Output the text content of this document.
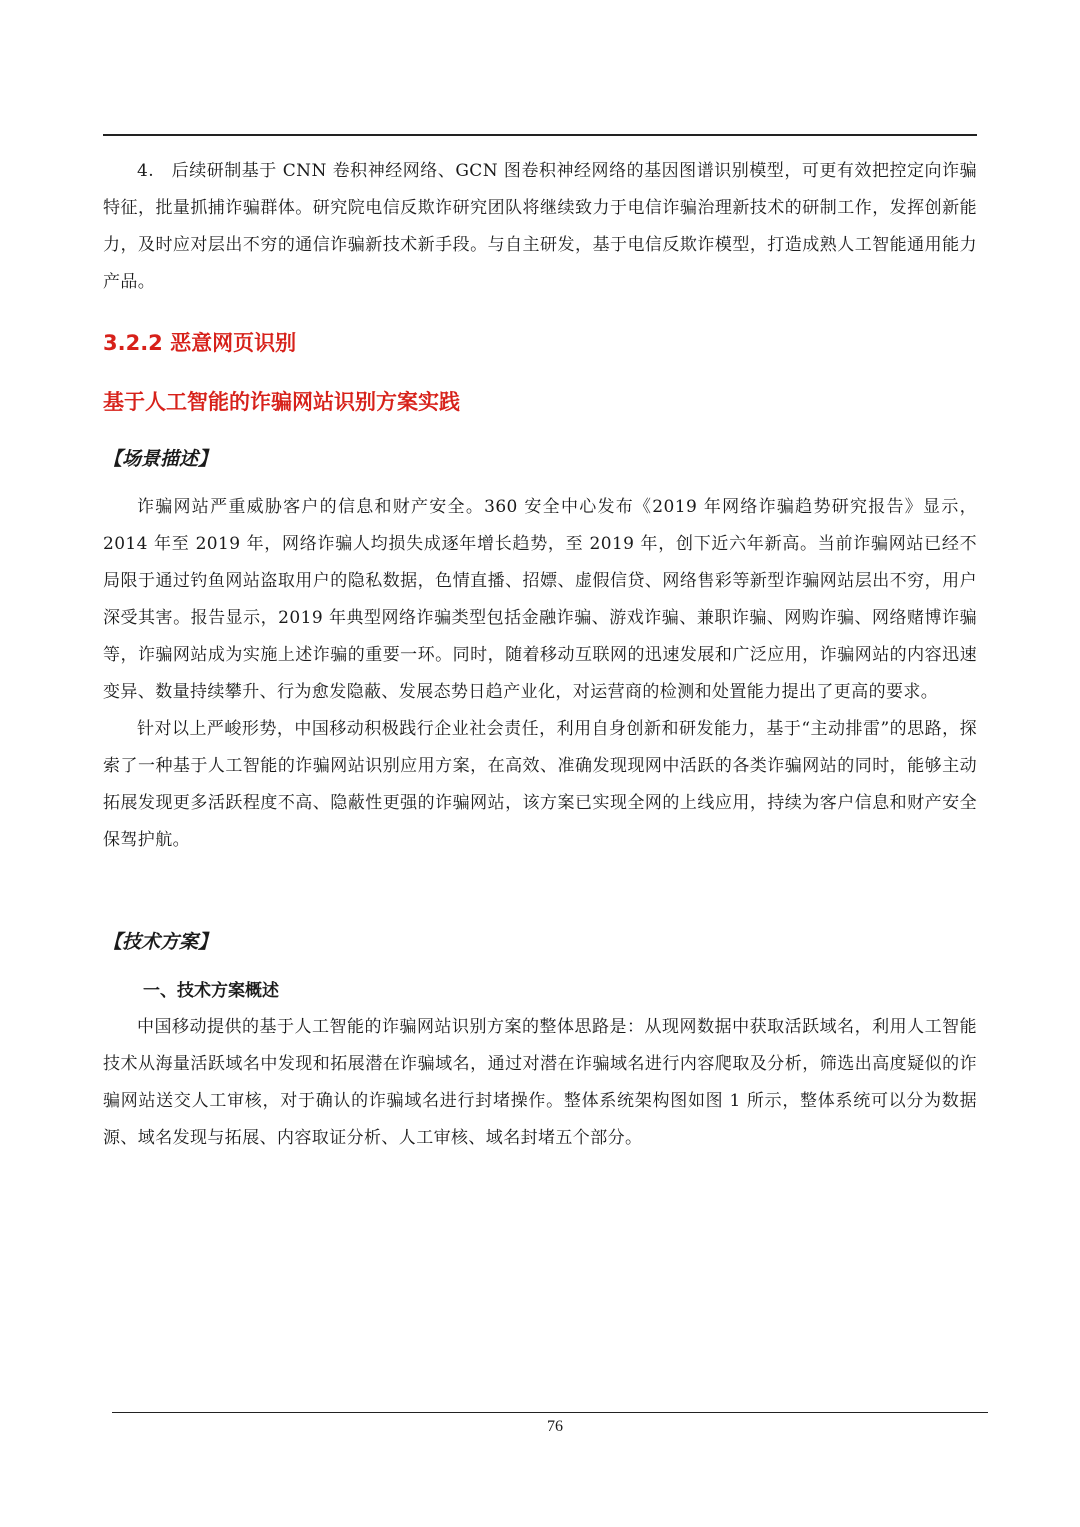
4.　后续研制基于 CNN 卷积神经网络、GCN 图卷积神经网络的基因图谱识别模型，可更有效把控定向诈骗特征，批量抓捕诈骗群体。研究院电信反欺诈研究团队将继续致力于电信诈骗治理新技术的研制工作，发挥创新能力，及时应对层出不穷的通信诈骗新技术新手段。与自主研发，基于电信反欺诈模型，打造成熟人工智能通用能力产品。

3.2.2 恶意网页识别
基于人工智能的诈骗网站识别方案实践
【场景描述】

诈骗网站严重威胁客户的信息和财产安全。360 安全中心发布《2019 年网络诈骗趋势研究报告》显示，2014 年至 2019 年，网络诈骗人均损失成逐年增长趋势，至 2019 年，创下近六年新高。当前诈骗网站已经不局限于通过钓鱼网站盗取用户的隐私数据，色情直播、招嫖、虚假信贷、网络售彩等新型诈骗网站层出不穷，用户深受其害。报告显示，2019 年典型网络诈骗类型包括金融诈骗、游戏诈骗、兼职诈骗、网购诈骗、网络赌博诈骗等，诈骗网站成为实施上述诈骗的重要一环。同时，随着移动互联网的迅速发展和广泛应用，诈骗网站的内容迅速变异、数量持续攀升、行为愈发隐蔽、发展态势日趋产业化，对运营商的检测和处置能力提出了更高的要求。

针对以上严峻形势，中国移动积极践行企业社会责任，利用自身创新和研发能力，基于“主动排雷”的思路，探索了一种基于人工智能的诈骗网站识别应用方案，在高效、准确发现现网中活跃的各类诈骗网站的同时，能够主动拓展发现更多活跃程度不高、隐蔽性更强的诈骗网站，该方案已实现全网的上线应用，持续为客户信息和财产安全保驾护航。

【技术方案】
一、技术方案概述

中国移动提供的基于人工智能的诈骗网站识别方案的整体思路是：从现网数据中获取活跃域名，利用人工智能技术从海量活跃域名中发现和拓展潜在诈骗域名，通过对潜在诈骗域名进行内容爬取及分析，筛选出高度疑似的诈骗网站送交人工审核，对于确认的诈骗域名进行封堵操作。整体系统架构图如图 1 所示，整体系统可以分为数据源、域名发现与拓展、内容取证分析、人工审核、域名封堵五个部分。

76
